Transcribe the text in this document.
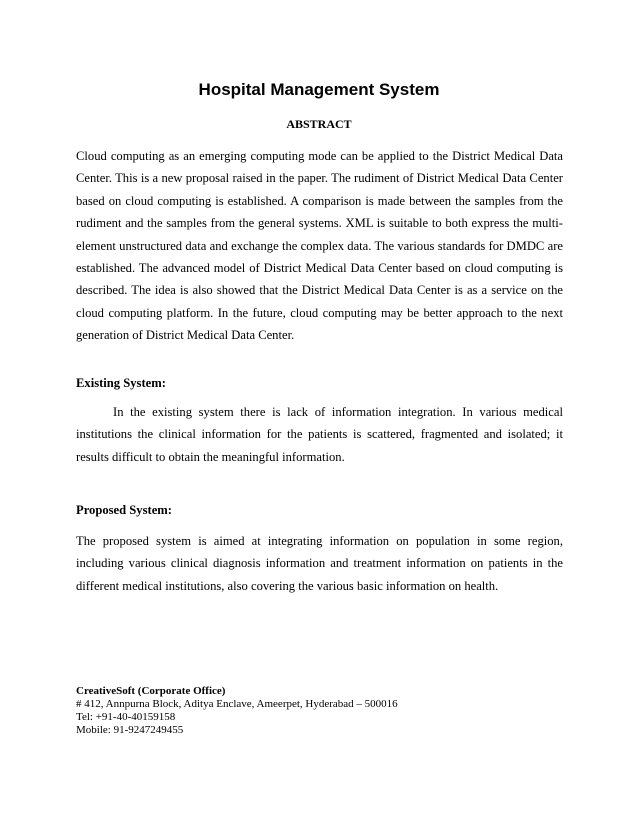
Hospital Management System
ABSTRACT

Cloud computing as an emerging computing mode can be applied to the District Medical Data Center. This is a new proposal raised in the paper. The rudiment of District Medical Data Center based on cloud computing is established. A comparison is made between the samples from the rudiment and the samples from the general systems. XML is suitable to both express the multi-element unstructured data and exchange the complex data. The various standards for DMDC are established. The advanced model of District Medical Data Center based on cloud computing is described. The idea is also showed that the District Medical Data Center is as a service on the cloud computing platform. In the future, cloud computing may be better approach to the next generation of District Medical Data Center.

Existing System:

In the existing system there is lack of information integration. In various medical institutions the clinical information for the patients is scattered, fragmented and isolated; it results difficult to obtain the meaningful information.

Proposed System:

The proposed system is aimed at integrating information on population in some region, including various clinical diagnosis information and treatment information on patients in the different medical institutions, also covering the various basic information on health.

CreativeSoft (Corporate Office)
# 412, Annpurna Block, Aditya Enclave, Ameerpet, Hyderabad – 500016
Tel: +91-40-40159158
Mobile: 91-9247249455
